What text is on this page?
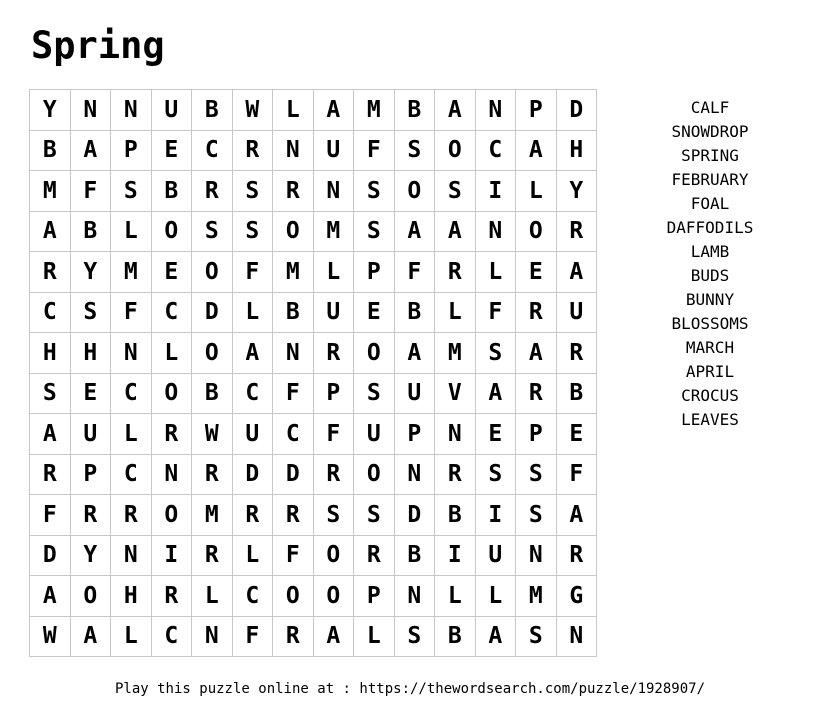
Spring
Y	N	N	U	B	W	L	A	M	B	A	N	P	D
B	A	P	E	C	R	N	U	F	S	O	C	A	H
M	F	S	B	R	S	R	N	S	O	S	I	L	Y
A	B	L	O	S	S	O	M	S	A	A	N	O	R
R	Y	M	E	O	F	M	L	P	F	R	L	E	A
C	S	F	C	D	L	B	U	E	B	L	F	R	U
H	H	N	L	O	A	N	R	O	A	M	S	A	R
S	E	C	O	B	C	F	P	S	U	V	A	R	B
A	U	L	R	W	U	C	F	U	P	N	E	P	E
R	P	C	N	R	D	D	R	O	N	R	S	S	F
F	R	R	O	M	R	R	S	S	D	B	I	S	A
D	Y	N	I	R	L	F	O	R	B	I	U	N	R
A	O	H	R	L	C	O	O	P	N	L	L	M	G
W	A	L	C	N	F	R	A	L	S	B	A	S	N
CALF
SNOWDROP
SPRING
FEBRUARY
FOAL
DAFFODILS
LAMB
BUDS
BUNNY
BLOSSOMS
MARCH
APRIL
CROCUS
LEAVES
Play this puzzle online at : https://thewordsearch.com/puzzle/1928907/
